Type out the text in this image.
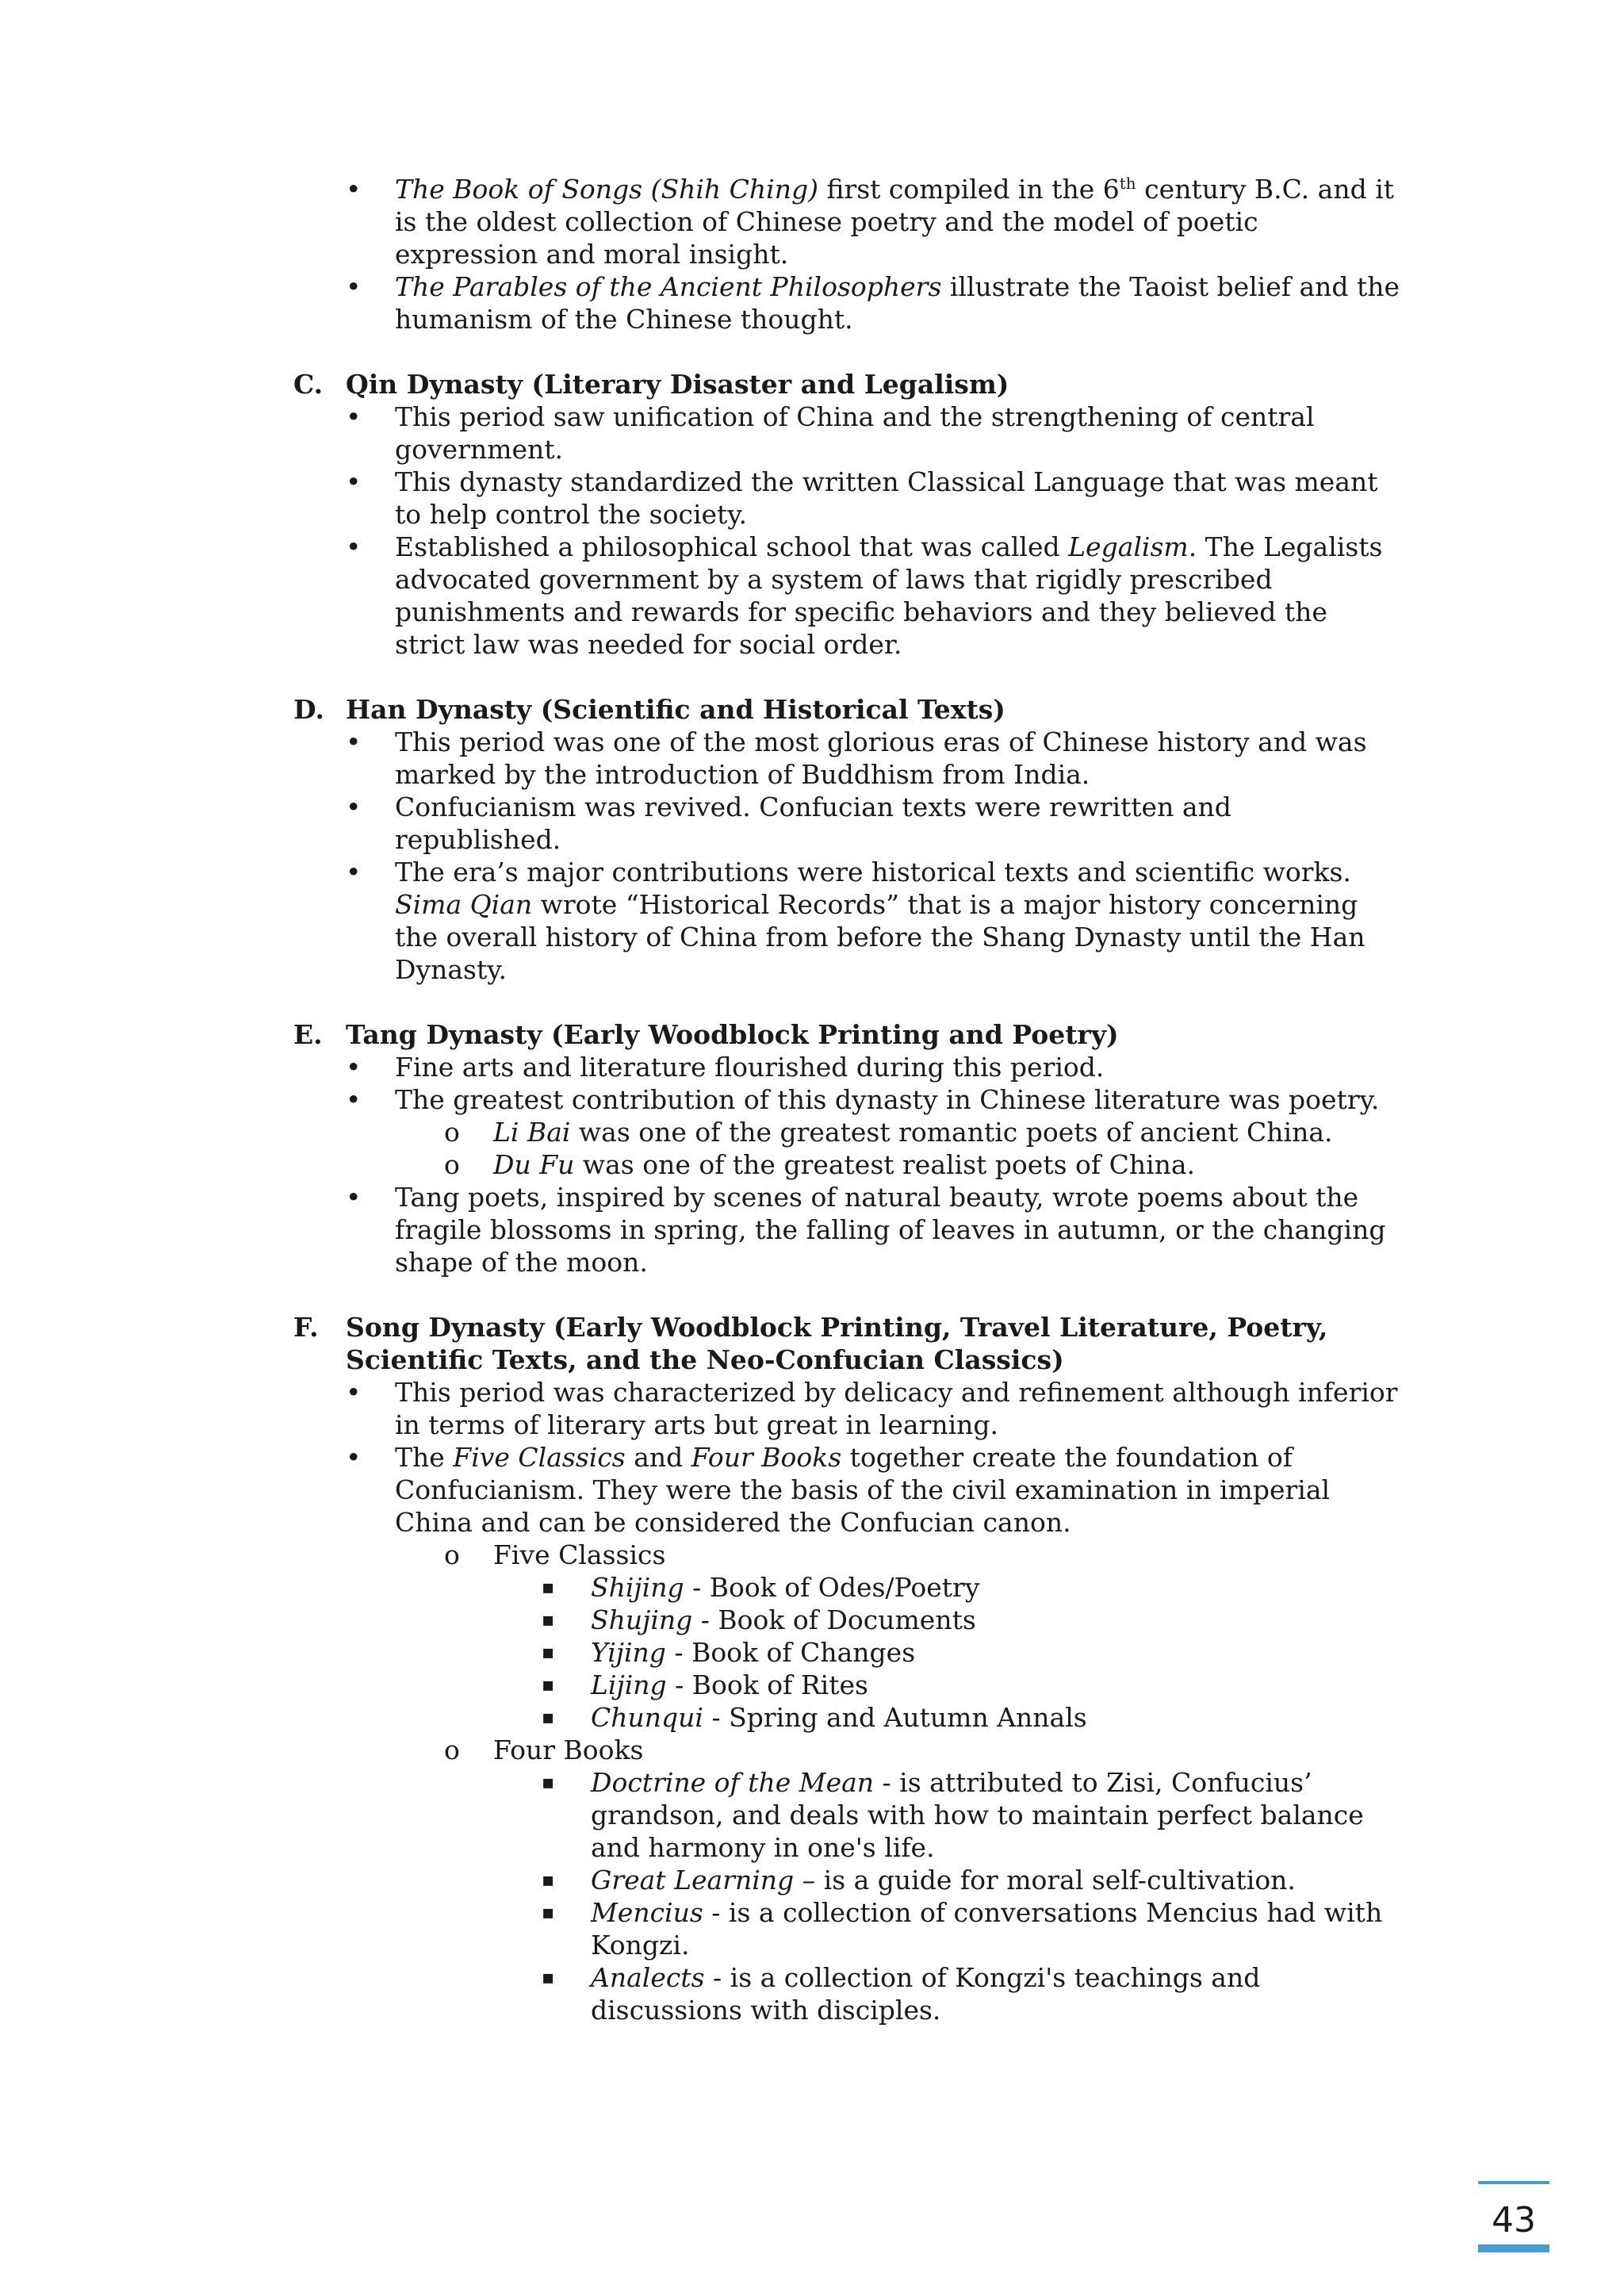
•	The Book of Songs (Shih Ching) first compiled in the 6th century B.C. and it is the oldest collection of Chinese poetry and the model of poetic expression and moral insight.
•	The Parables of the Ancient Philosophers illustrate the Taoist belief and the humanism of the Chinese thought.
C. Qin Dynasty (Literary Disaster and Legalism)
•	This period saw unification of China and the strengthening of central government.
•	This dynasty standardized the written Classical Language that was meant to help control the society.
•	Established a philosophical school that was called Legalism. The Legalists advocated government by a system of laws that rigidly prescribed punishments and rewards for specific behaviors and they believed the strict law was needed for social order.
D. Han Dynasty (Scientific and Historical Texts)
•	This period was one of the most glorious eras of Chinese history and was marked by the introduction of Buddhism from India.
•	Confucianism was revived. Confucian texts were rewritten and republished.
•	The era’s major contributions were historical texts and scientific works. Sima Qian wrote “Historical Records” that is a major history concerning the overall history of China from before the Shang Dynasty until the Han Dynasty.
E. Tang Dynasty (Early Woodblock Printing and Poetry)
•	Fine arts and literature flourished during this period.
•	The greatest contribution of this dynasty in Chinese literature was poetry.
o	Li Bai was one of the greatest romantic poets of ancient China.
o	Du Fu was one of the greatest realist poets of China.
•	Tang poets, inspired by scenes of natural beauty, wrote poems about the fragile blossoms in spring, the falling of leaves in autumn, or the changing shape of the moon.
F.	Song Dynasty (Early Woodblock Printing, Travel Literature, Poetry, Scientific Texts, and the Neo-Confucian Classics)
•	This period was characterized by delicacy and refinement although inferior in terms of literary arts but great in learning.
•	The Five Classics and Four Books together create the foundation of Confucianism. They were the basis of the civil examination in imperial China and can be considered the Confucian canon.
o	Five Classics
▪	Shijing - Book of Odes/Poetry
▪	Shujing - Book of Documents
▪	Yijing - Book of Changes
▪	Lijing - Book of Rites
▪	Chunqui - Spring and Autumn Annals
o	Four Books
▪	Doctrine of the Mean - is attributed to Zisi, Confucius’ grandson, and deals with how to maintain perfect balance and harmony in one's life.
▪	Great Learning – is a guide for moral self-cultivation.
▪	Mencius - is a collection of conversations Mencius had with Kongzi.
▪	Analects - is a collection of Kongzi's teachings and discussions with disciples.
43
